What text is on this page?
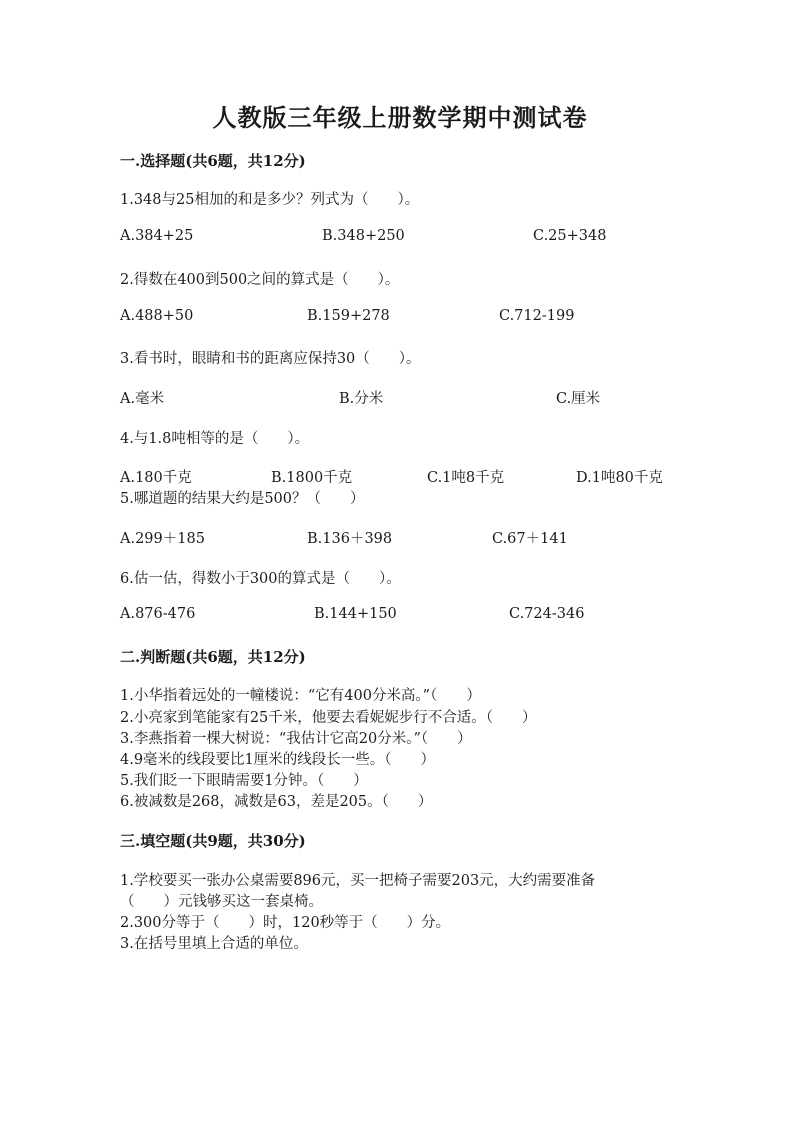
人教版三年级上册数学期中测试卷
一.选择题(共6题，共12分)
1.348与25相加的和是多少？列式为（　　）。
A.384+25	B.348+250	C.25+348
2.得数在400到500之间的算式是（　　）。
A.488+50	B.159+278	C.712-199
3.看书时，眼睛和书的距离应保持30（　　）。
A.毫米	B.分米	C.厘米
4.与1.8吨相等的是（　　）。
A.180千克	B.1800千克	C.1吨8千克	D.1吨80千克
5.哪道题的结果大约是500？（　　）
A.299＋185	B.136＋398	C.67＋141
6.估一估，得数小于300的算式是（　　）。
A.876-476	B.144+150	C.724-346
二.判断题(共6题，共12分)
1.小华指着远处的一幢楼说：“它有400分米高。”（　　）
2.小亮家到笔能家有25千米，他要去看妮妮步行不合适。（　　）
3.李燕指着一棵大树说：“我估计它高20分米。”（　　）
4.9毫米的线段要比1厘米的线段长一些。（　　）
5.我们眨一下眼睛需要1分钟。（　　）
6.被减数是268，减数是63，差是205。（　　）
三.填空题(共9题，共30分)
1.学校要买一张办公桌需要896元，买一把椅子需要203元，大约需要准备
（　　）元钱够买这一套桌椅。
2.300分等于（　　）时，120秒等于（　　）分。
3.在括号里填上合适的单位。
